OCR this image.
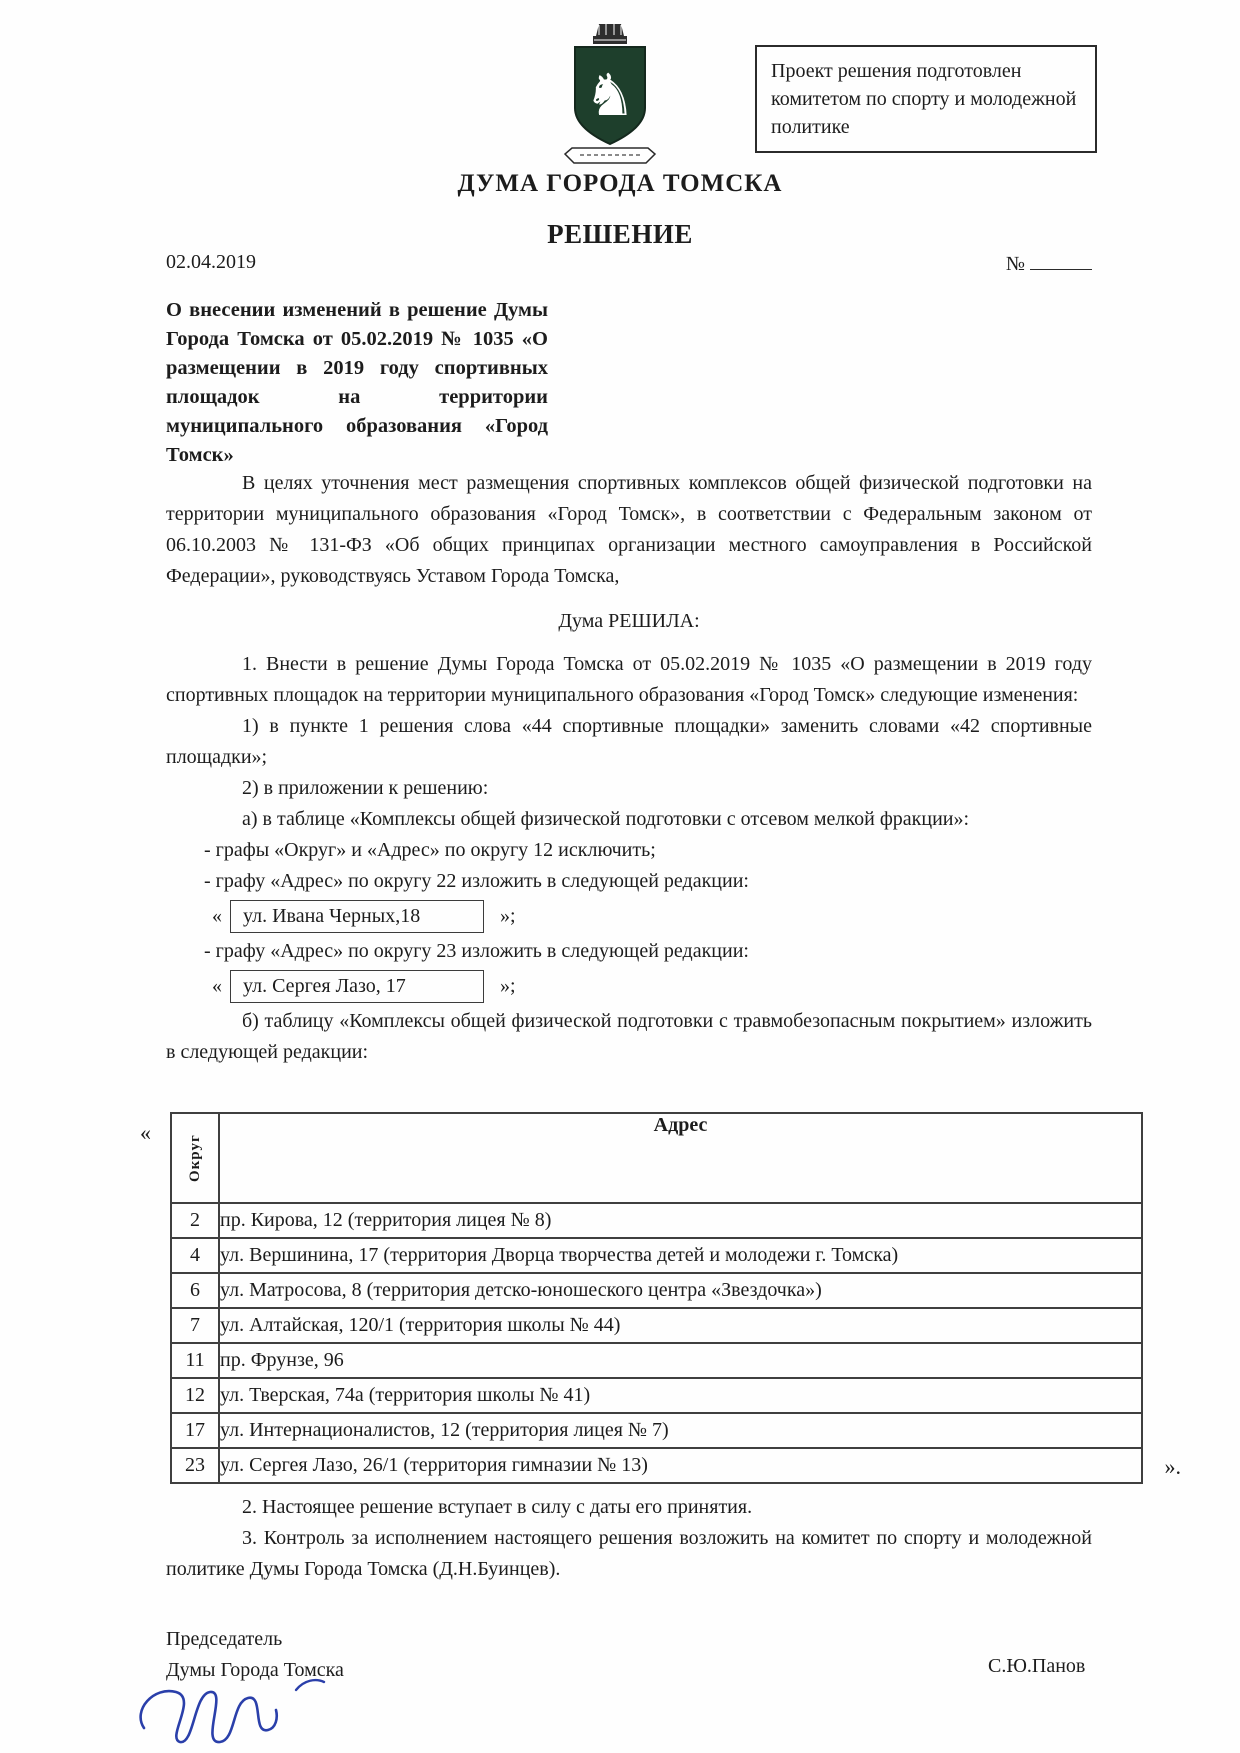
Проект решения подготовлен комитетом по спорту и молодежной политике
♞
ДУМА ГОРОДА ТОМСКА
РЕШЕНИЕ
02.04.2019	№
О внесении изменений в решение Думы Города Томска от 05.02.2019 № 1035 «О размещении в 2019 году спортивных площадок на территории муниципального образования «Город Томск»

В целях уточнения мест размещения спортивных комплексов общей физической подготовки на территории муниципального образования «Город Томск», в соответствии с Федеральным законом от 06.10.2003 № 131-ФЗ «Об общих принципах организации местного самоуправления в Российской Федерации», руководствуясь Уставом Города Томска,

Дума РЕШИЛА:

1. Внести в решение Думы Города Томска от 05.02.2019 № 1035 «О размещении в 2019 году спортивных площадок на территории муниципального образования «Город Томск» следующие изменения:

1) в пункте 1 решения слова «44 спортивные площадки» заменить словами «42 спортивные площадки»;

2) в приложении к решению:

а) в таблице «Комплексы общей физической подготовки с отсевом мелкой фракции»:

- графы «Округ» и «Адрес» по округу 12 исключить;

- графу «Адрес» по округу 22 изложить в следующей редакции:

« ул. Ивана Черных,18	»;

- графу «Адрес» по округу 23 изложить в следующей редакции:

« ул. Сергея Лазо, 17	»;

б) таблицу «Комплексы общей физической подготовки с травмобезопасным покрытием» изложить в следующей редакции:

«
».
Округ	Адрес
2	пр. Кирова, 12 (территория лицея № 8)
4	ул. Вершинина, 17 (территория Дворца творчества детей и молодежи г. Томска)
6	ул. Матросова, 8 (территория детско-юношеского центра «Звездочка»)
7	ул. Алтайская, 120/1 (территория школы № 44)
11	пр. Фрунзе, 96
12	ул. Тверская, 74а (территория школы № 41)
17	ул. Интернационалистов, 12 (территория лицея № 7)
23	ул. Сергея Лазо, 26/1 (территория гимназии № 13)

2. Настоящее решение вступает в силу с даты его принятия.

3. Контроль за исполнением настоящего решения возложить на комитет по спорту и молодежной политике Думы Города Томска (Д.Н.Буинцев).

Председатель
Думы Города Томска	С.Ю.Панов
